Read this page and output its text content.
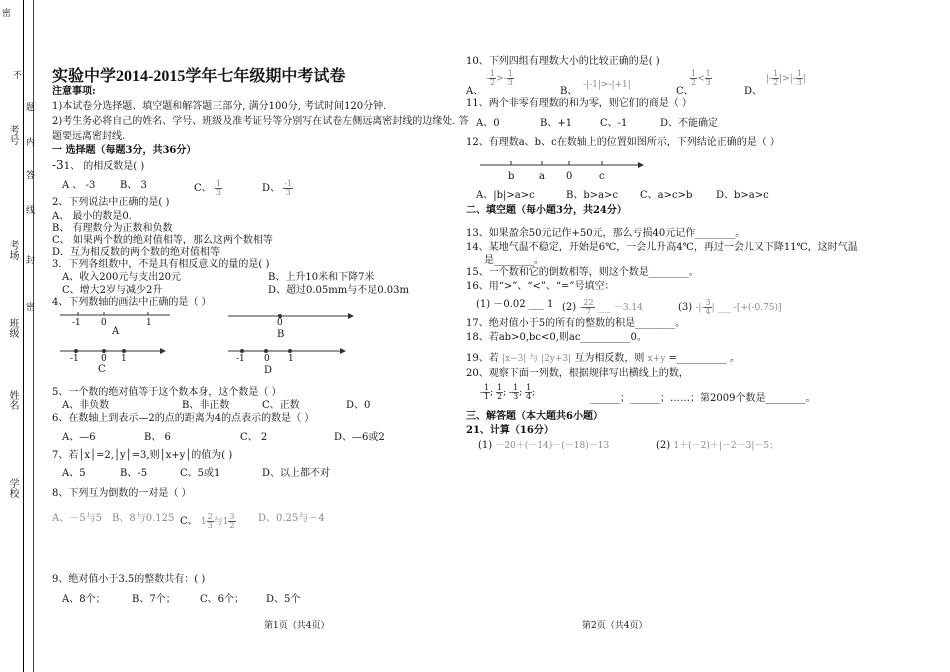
密
不
内
题
答
线
封
密
考号
考场
班级
姓名
学校
实验中学2014-2015学年七年级期中考试卷
注意事项:
1)本试卷分选择题、填空题和解答题三部分, 满分100分, 考试时间120分钟.
2)考生务必将自己的姓名、学号、班级及准考证号等分别写在试卷左侧远离密封线的边缘处. 答
题要远离密封线.
一 选择题（每题3分，共36分）
-31、 的相反数是( )
A 、 -3 B、 3	C、 $\frac{1}{3}$	D、 $\frac{-1}{3}$
2、下列说法中正确的是( )
A、 最小的数是0.
B、 有理数分为正数和负数
C、 如果两个数的绝对值相等，那么这两个数相等
D．互为相反数的两个数的绝对值相等
3．下列各组数中，不是具有相反意义的量的是( )
A、收入200元与支出20元	B、上升10米和下降7米
C、增大2岁与减少2升	D、超过0.05mm与不足0.03m
4、下列数轴的画法中正确的是（ ）
-1 0	1
A
0
B
-1 0 1
C
-1 0 1
D
5、一个数的绝对值等于这个数本身，这个数是（ ）
A、非负数	B、非正数	C、正数	D、0
6、在数轴上到表示—2的点的距离为4的点表示的数是（ ）
A、—6	B、 6	C、 2	D、—6或2
7、若│x│=2,│y│=3,则│x+y│的值为( )
A、5	B、-5	C、5或1	D、以上都不对
8、下列互为倒数的一对是（ ）
A、－5与5 B、8与0.125 C、 $1 \frac{2}{3}$ 与$1 \frac{3}{2}$ D、0.25与－4
9、绝对值小于3.5的整数共有：( )
A、8个；	B、7个； C、6个； D、5个
第1页（共4页）
10、下列四组有理数大小的比较正确的是( )
A、
- $\frac{1}{2} >- \frac{1}{3}$
B、
-|-1|>-|+1|
C、
$\frac{1}{2} < \frac{1}{3}$
D、
|- $\frac{1}{2}$ |>|- $\frac{1}{3}$ |
11、两个非零有理数的和为零，则它们的商是（ ）
A、0	B、+1	C、-1	D、不能确定
12、有理数a、b、c在数轴上的位置如图所示，下列结论正确的是（ ）
b a 0	c
A、|b|>a>c	B、b>a>c C、a>c>b D、b>a>c
二、填空题（每小题3分，共24分）
13、如果盈余50元记作+50元，那么亏损40元记作________。
14、某地气温不稳定，开始是6℃，一会儿升高4℃，再过一会儿又下降11℃，这时气温
是________。
15、一个数和它的倒数相等，则这个数是________。
16、用“>”、“<”、“=”号填空：
(1) －0.02 ___ 1 $(2) - \frac{22}{7}$ ___ －3.14	(3) -|- $\frac{3}{4}$ | ___ -[+(-0.75)]
17、绝对值小于5的所有的整数的积是________。
18、若ab>0,bc<0,则ac__________0。
19、若 |x−3| 与 |2y+3| 互为相反数，则 x+y =__________ 。
20、观察下面一列数，根据规律写出横线上的数，
- $\frac{1}{1}$ ; $\frac{1}{2}$ ; - $\frac{1}{3}$ ; $\frac{1}{4}$ ;	______；______；……；第2009个数是________。
三、解答题（本大题共6小题）
21、计算（16分）
(1) －20＋(－14)－(－18)－13	(2) 1＋(－2)＋|－2－3|－5；
第2页（共4页）
